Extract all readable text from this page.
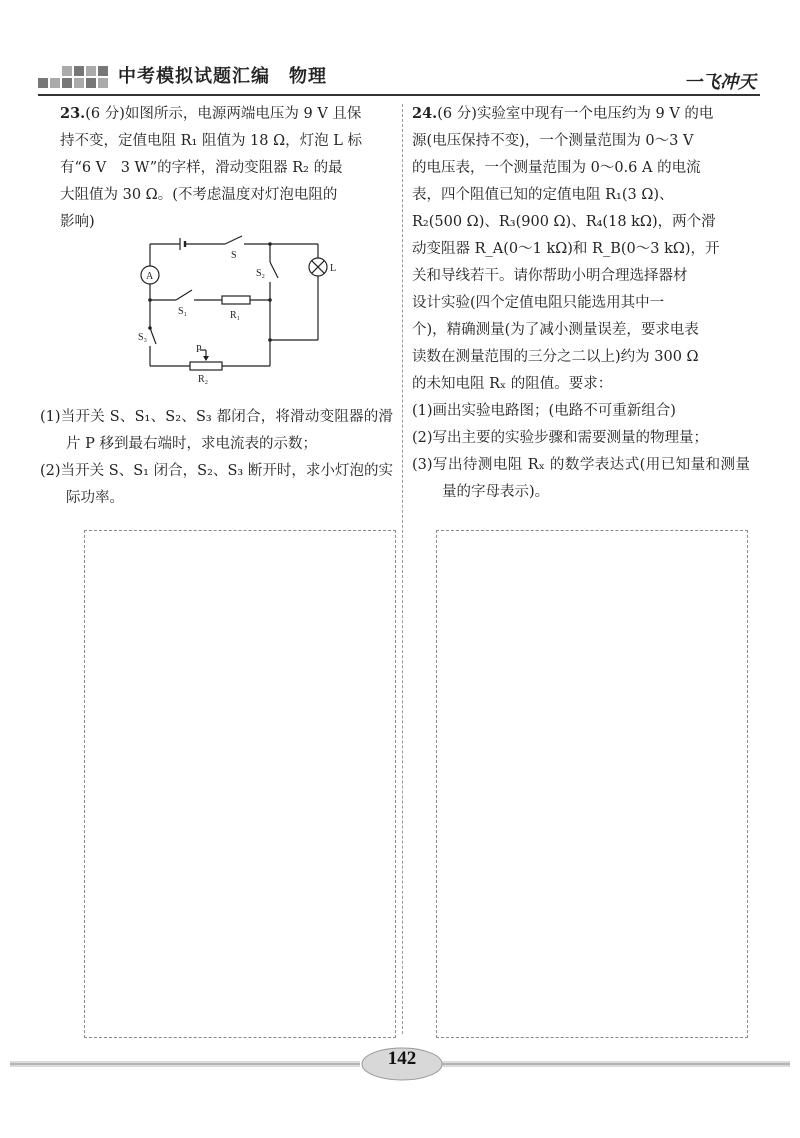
中考模拟试题汇编　物理	一飞冲天

23.(6 分)如图所示，电源两端电压为 9 V 且保

持不变，定值电阻 R₁ 阻值为 18 Ω，灯泡 L 标

有“6 V　3 W”的字样，滑动变阻器 R₂ 的最

大阻值为 30 Ω。(不考虑温度对灯泡电阻的

影响)

(1)当开关 S、S₁、S₂、S₃ 都闭合，将滑动变阻器的滑片 P 移到最右端时，求电流表的示数；

(2)当开关 S、S₁ 闭合，S₂、S₃ 断开时，求小灯泡的实际功率。

A
S
S₂
S₁	R₁
S₃
P
R₂
L

24.(6 分)实验室中现有一个电压约为 9 V 的电

源(电压保持不变)，一个测量范围为 0～3 V

的电压表，一个测量范围为 0～0.6 A 的电流

表，四个阻值已知的定值电阻 R₁(3 Ω)、

R₂(500 Ω)、R₃(900 Ω)、R₄(18 kΩ)，两个滑

动变阻器 R_A(0～1 kΩ)和 R_B(0～3 kΩ)，开

关和导线若干。请你帮助小明合理选择器材

设计实验(四个定值电阻只能选用其中一

个)，精确测量(为了减小测量误差，要求电表

读数在测量范围的三分之二以上)约为 300 Ω

的未知电阻 Rₓ 的阻值。要求：

(1)画出实验电路图；(电路不可重新组合)

(2)写出主要的实验步骤和需要测量的物理量；

(3)写出待测电阻 Rₓ 的数学表达式(用已知量和测量量的字母表示)。

142
